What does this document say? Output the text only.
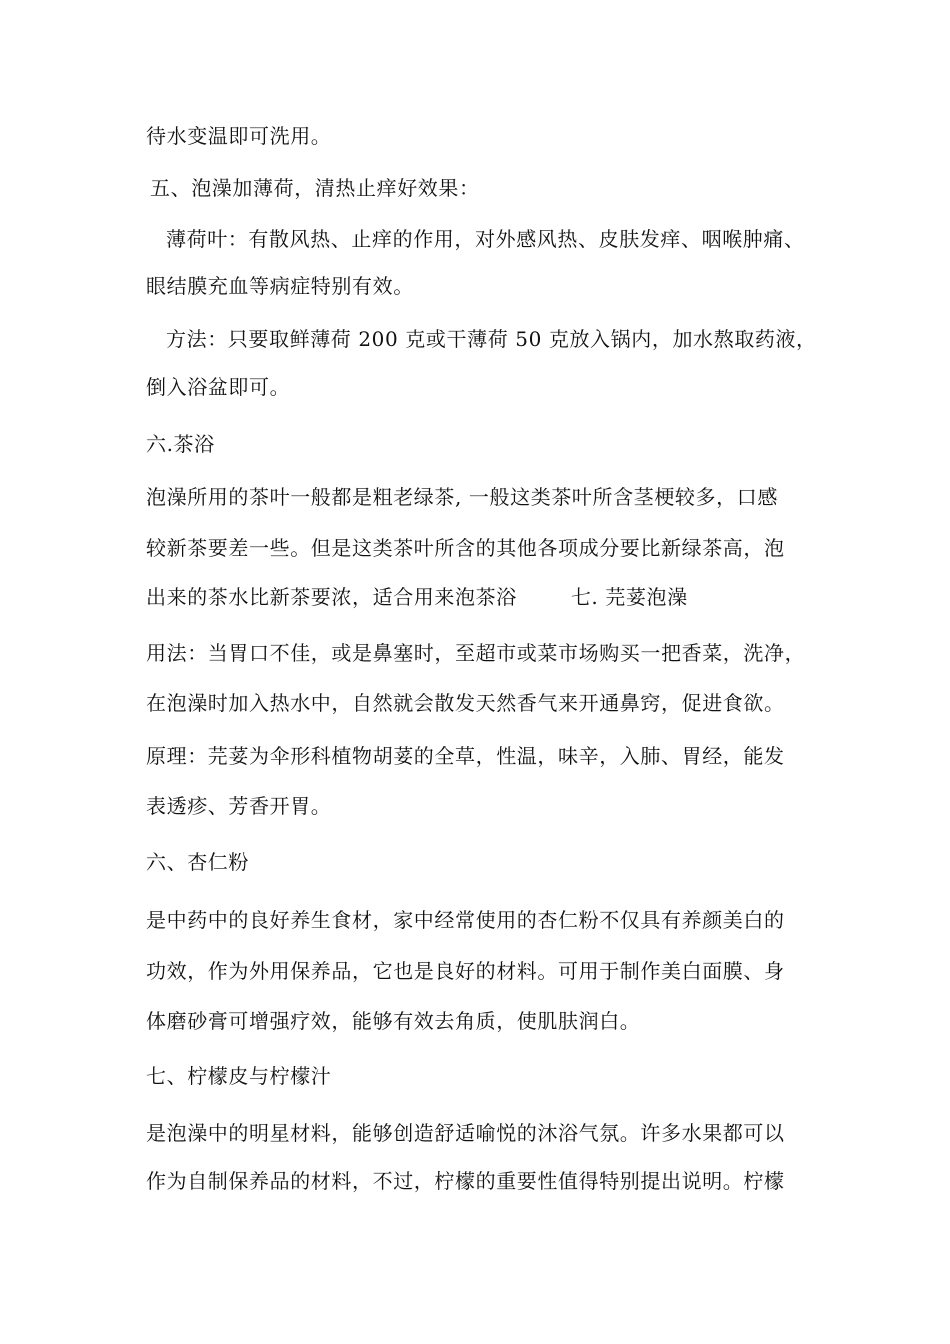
待水变温即可洗用。
五、泡澡加薄荷，清热止痒好效果：
薄荷叶：有散风热、止痒的作用，对外感风热、皮肤发痒、咽喉肿痛、
眼结膜充血等病症特别有效。
方法：只要取鲜薄荷 200 克或干薄荷 50 克放入锅内，加水熬取药液，
倒入浴盆即可。
六.茶浴
泡澡所用的茶叶一般都是粗老绿茶, 一般这类茶叶所含茎梗较多，口感
较新茶要差一些。但是这类茶叶所含的其他各项成分要比新绿茶高，泡
出来的茶水比新茶要浓，适合用来泡茶浴	七. 芫荽泡澡
用法：当胃口不佳，或是鼻塞时，至超市或菜市场购买一把香菜，洗净，
在泡澡时加入热水中，自然就会散发天然香气来开通鼻窍，促进食欲。
原理：芫荽为伞形科植物胡荽的全草，性温，味辛，入肺、胃经，能发
表透疹、芳香开胃。
六、杏仁粉
是中药中的良好养生食材，家中经常使用的杏仁粉不仅具有养颜美白的
功效，作为外用保养品，它也是良好的材料。可用于制作美白面膜、身
体磨砂膏可增强疗效，能够有效去角质，使肌肤润白。
七、柠檬皮与柠檬汁
是泡澡中的明星材料，能够创造舒适喻悦的沐浴气氛。许多水果都可以
作为自制保养品的材料，不过，柠檬的重要性值得特别提出说明。柠檬
